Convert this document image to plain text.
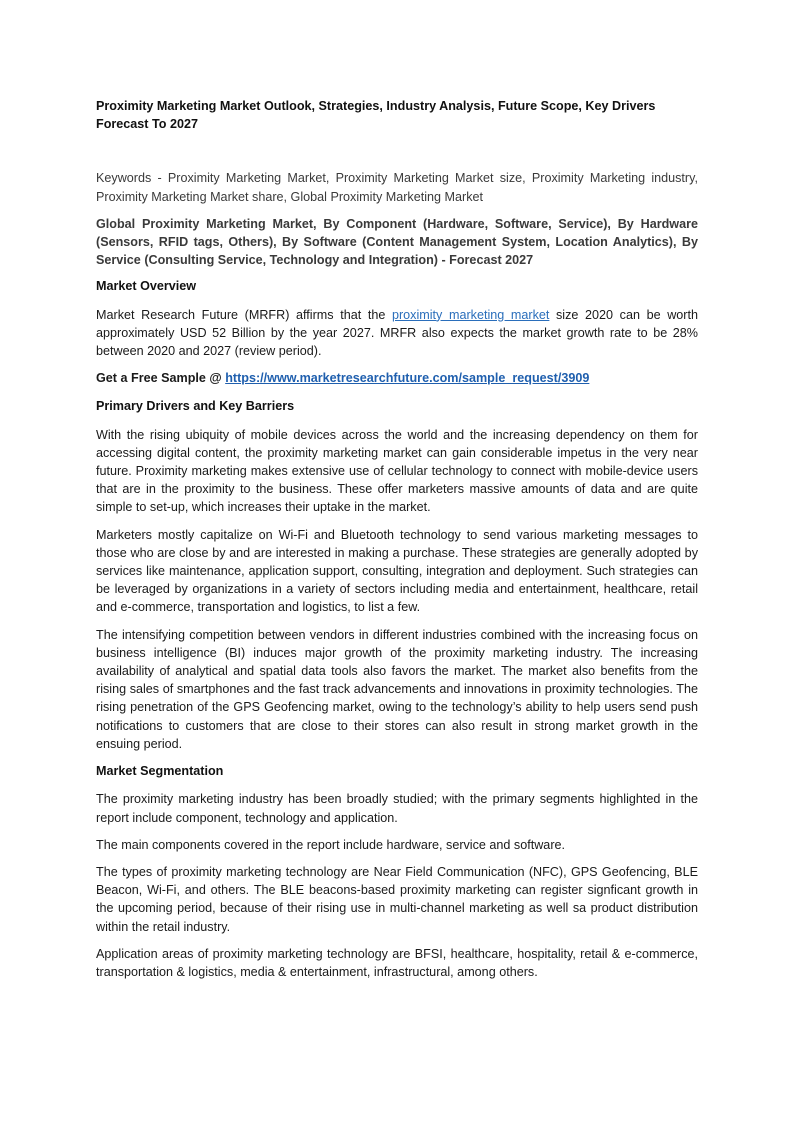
Proximity Marketing Market Outlook, Strategies, Industry Analysis, Future Scope, Key Drivers Forecast To 2027

Keywords - Proximity Marketing Market, Proximity Marketing Market size, Proximity Marketing industry, Proximity Marketing Market share, Global Proximity Marketing Market

Global Proximity Marketing Market, By Component (Hardware, Software, Service), By Hardware (Sensors, RFID tags, Others), By Software (Content Management System, Location Analytics), By Service (Consulting Service, Technology and Integration) - Forecast 2027

Market Overview

Market Research Future (MRFR) affirms that the proximity marketing market size 2020 can be worth approximately USD 52 Billion by the year 2027. MRFR also expects the market growth rate to be 28% between 2020 and 2027 (review period).

Get a Free Sample @ https://www.marketresearchfuture.com/sample_request/3909

Primary Drivers and Key Barriers

With the rising ubiquity of mobile devices across the world and the increasing dependency on them for accessing digital content, the proximity marketing market can gain considerable impetus in the very near future. Proximity marketing makes extensive use of cellular technology to connect with mobile-device users that are in the proximity to the business. These offer marketers massive amounts of data and are quite simple to set-up, which increases their uptake in the market.

Marketers mostly capitalize on Wi-Fi and Bluetooth technology to send various marketing messages to those who are close by and are interested in making a purchase. These strategies are generally adopted by services like maintenance, application support, consulting, integration and deployment. Such strategies can be leveraged by organizations in a variety of sectors including media and entertainment, healthcare, retail and e-commerce, transportation and logistics, to list a few.

The intensifying competition between vendors in different industries combined with the increasing focus on business intelligence (BI) induces major growth of the proximity marketing industry. The increasing availability of analytical and spatial data tools also favors the market. The market also benefits from the rising sales of smartphones and the fast track advancements and innovations in proximity technologies. The rising penetration of the GPS Geofencing market, owing to the technology’s ability to help users send push notifications to customers that are close to their stores can also result in strong market growth in the ensuing period.

Market Segmentation

The proximity marketing industry has been broadly studied; with the primary segments highlighted in the report include component, technology and application.

The main components covered in the report include hardware, service and software.

The types of proximity marketing technology are Near Field Communication (NFC), GPS Geofencing, BLE Beacon, Wi-Fi, and others. The BLE beacons-based proximity marketing can register signficant growth in the upcoming period, because of their rising use in multi-channel marketing as well sa product distribution within the retail industry.

Application areas of proximity marketing technology are BFSI, healthcare, hospitality, retail & e-commerce, transportation & logistics, media & entertainment, infrastructural, among others.
